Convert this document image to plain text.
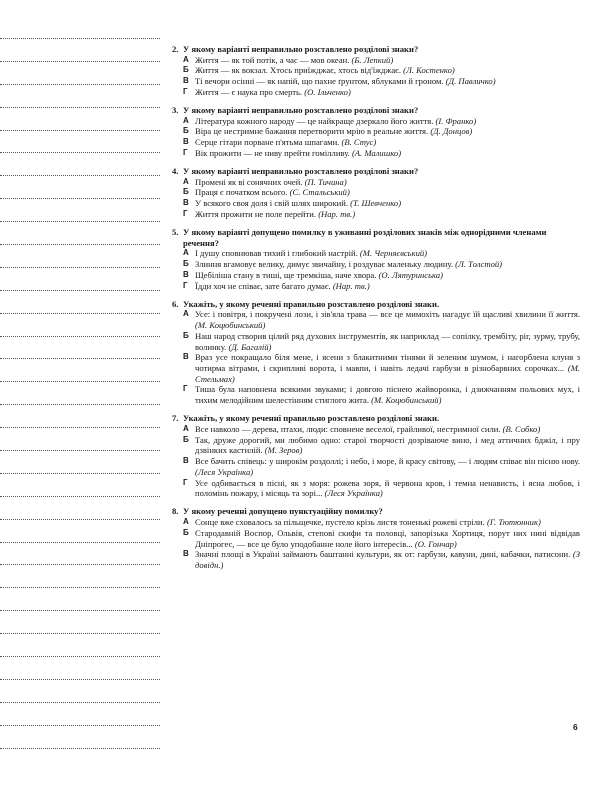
2. У якому варіанті неправильно розставлено розділові знаки?
А Життя — як той потік, а час — мов океан. (Б. Лепкий)
Б Життя — як вокзал. Хтось приїжджає, хтось від'їжджає. (Л. Костенко)
В Ті вечори осінні — як напій, що пахне ґрунтом, яблуками й гроном. (Д. Павличко)
Г Життя — є наука про смерть. (О. Ільченко)
3. У якому варіанті неправильно розставлено розділові знаки?
А Література кожного народу — це найкраще дзеркало його життя. (І. Франко)
Б Віра це нестримне бажання перетворити мрію в реальне життя. (Д. Донцов)
В Серце гітари порванe п'ятьма шпагами. (В. Стус)
Г Вік прожити — не ниву прейти гомілливу. (А. Малишко)
4. У якому варіанті неправильно розставлено розділові знаки?
А Промені як ві сонячних очей. (П. Тичина)
Б Праця є початком всього. (С. Стальський)
В У всякого своя доля і свій шлях широкий. (Т. Шевченко)
Г Життя прожити не поле перейти. (Нар. тв.)
5. У якому варіанті допущено помилку в уживанні розділових знаків між однорідними членами речення?
А І душу сповнював тихий і глибокий настрій. (М. Черняєвський)
Б Злиння вгамовує велику, димує звичайну, і роздуває маленьку людину. (Л. Толстой)
В Щебіліша стану в тиші, ще тремкіша, наче хвора. (О. Лятуринська)
Г Їдди хоч не співає, зате багато думає. (Нар. тв.)
6. Укажіть, у якому реченні правильно розставлено розділові знаки.
А Усе: і повітря, і покручені лози, і зів'яла трава — все це мимохіть нагадує їй щасливі хвилини її життя. (М. Коцюбинський)
Б Наш народ створив цілий ряд духових інструментів, як наприклад — сопілку, трембіту, ріг, зурму, трубу, волинку. (Д. Багалій)
В Враз усе покращало біля мене, і ясени з блакитними тінями й зеленим шумом, і нагорблена клуня з чотирма вітрами, і скрипливі ворота, і мавпи, і навіть ледачі гарбузи в різнобарвних сорочках... (М. Стельмах)
Г Тиша була наповнена всякими звуками; і довгою піснею жайворонка, і дзижчанням польових мух, і тихим мелодійним шелестінням стиглого жита. (М. Коцюбинський)
7. Укажіть, у якому реченні правильно розставлено розділові знаки.
А Все навколо — дерева, птахи, люди: сповнене веселої, грайливої, нестримної сили. (В. Собко)
Б Так, друже дорогий, ми любимо одно: старої творчості дозріваюче вино, і мед аттичних бджіл, і пру дзвінких кастилій. (М. Зеров)
В Все бачить співець: у широкім роздоллі; і небо, і море, й красу світову, — і людям співає він пісню нову. (Леся Українка)
Г Усе одбивається в пісні, як з моря: рожева зоря, й червона кров, і темна ненависть, і ясна любов, і поломінь пожару, і місяць та зорі... (Леся Українка)
8. У якому реченні допущено пунктуаційну помилку?
А Сонце вже сховалось за пільщечке, пустело крізь листя тоненькі рожеві стріли. (Г. Тютюнник)
Б Стародавній Воспор, Ольвія, степові скифи та половці, запорізька Хортиця, порут них нині відвідав Дніпрогес, — все це було уподобанне ноле його інтересів... (О. Гончар)
В Значні площі в Україні займають баштанні культури, як от: гарбузи, кавуни, дині, кабачки, патисони. (З довідн.)
6
